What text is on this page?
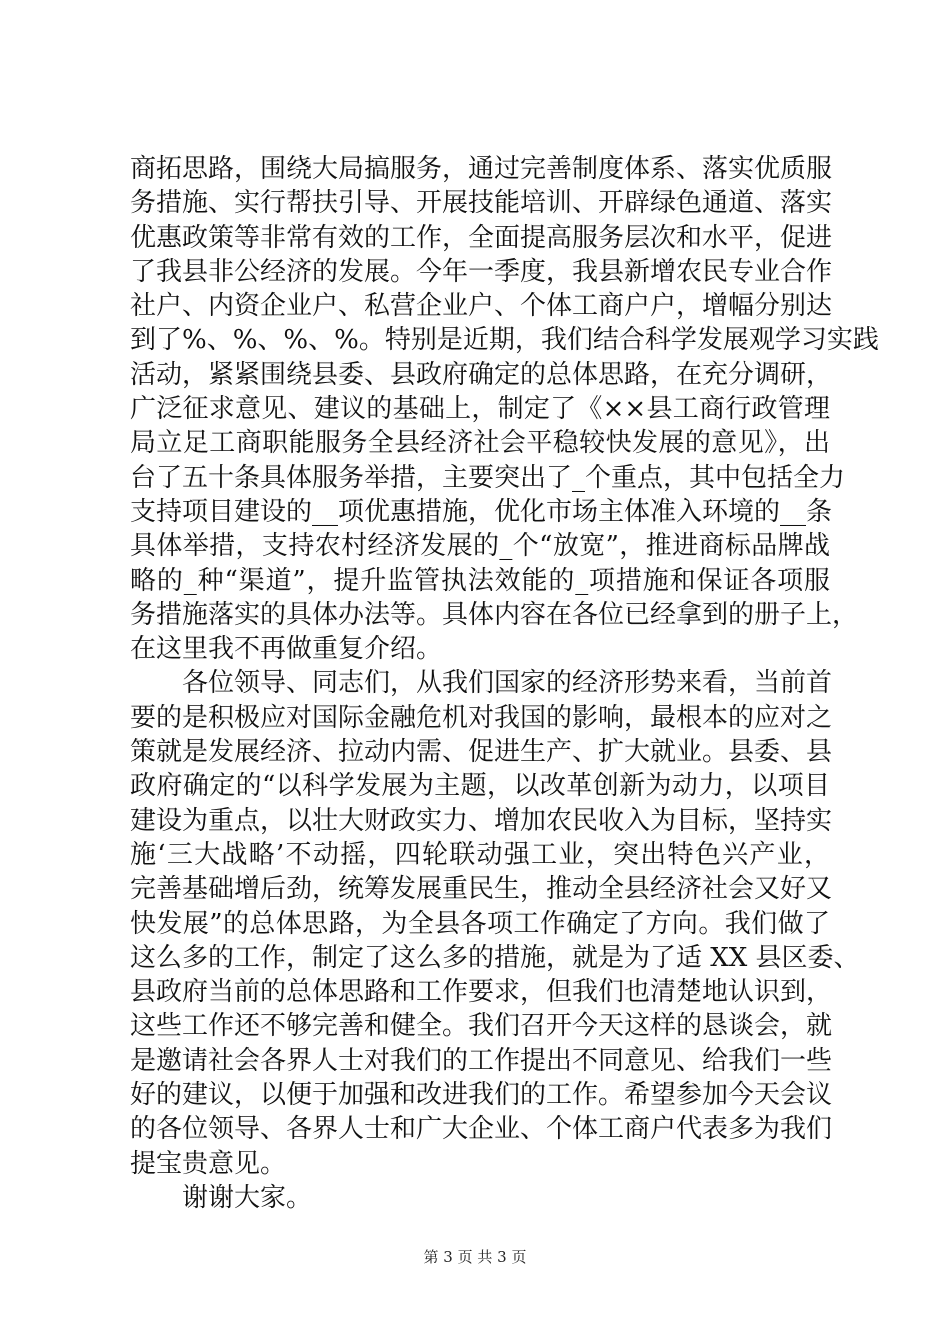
商拓思路，围绕大局搞服务，通过完善制度体系、落实优质服
务措施、实行帮扶引导、开展技能培训、开辟绿色通道、落实
优惠政策等非常有效的工作，全面提高服务层次和水平，促进
了我县非公经济的发展。今年一季度，我县新增农民专业合作
社户、内资企业户、私营企业户、个体工商户户，增幅分别达
到了%、%、%、%。特别是近期，我们结合科学发展观学习实践
活动，紧紧围绕县委、县政府确定的总体思路，在充分调研，
广泛征求意见、建议的基础上，制定了《××县工商行政管理
局立足工商职能服务全县经济社会平稳较快发展的意见》，出
台了五十条具体服务举措，主要突出了_个重点，其中包括全力
支持项目建设的__项优惠措施，优化市场主体准入环境的__条
具体举措，支持农村经济发展的_个“放宽”，推进商标品牌战
略的_种“渠道”，提升监管执法效能的_项措施和保证各项服
务措施落实的具体办法等。具体内容在各位已经拿到的册子上，
在这里我不再做重复介绍。
　　各位领导、同志们，从我们国家的经济形势来看，当前首
要的是积极应对国际金融危机对我国的影响，最根本的应对之
策就是发展经济、拉动内需、促进生产、扩大就业。县委、县
政府确定的“以科学发展为主题，以改革创新为动力，以项目
建设为重点，以壮大财政实力、增加农民收入为目标，坚持实
施‘三大战略’不动摇，四轮联动强工业，突出特色兴产业，
完善基础增后劲，统筹发展重民生，推动全县经济社会又好又
快发展”的总体思路，为全县各项工作确定了方向。我们做了
这么多的工作，制定了这么多的措施，就是为了适 XX 县区委、
县政府当前的总体思路和工作要求，但我们也清楚地认识到，
这些工作还不够完善和健全。我们召开今天这样的恳谈会，就
是邀请社会各界人士对我们的工作提出不同意见、给我们一些
好的建议，以便于加强和改进我们的工作。希望参加今天会议
的各位领导、各界人士和广大企业、个体工商户代表多为我们
提宝贵意见。
　　谢谢大家。
第 3 页 共 3 页
